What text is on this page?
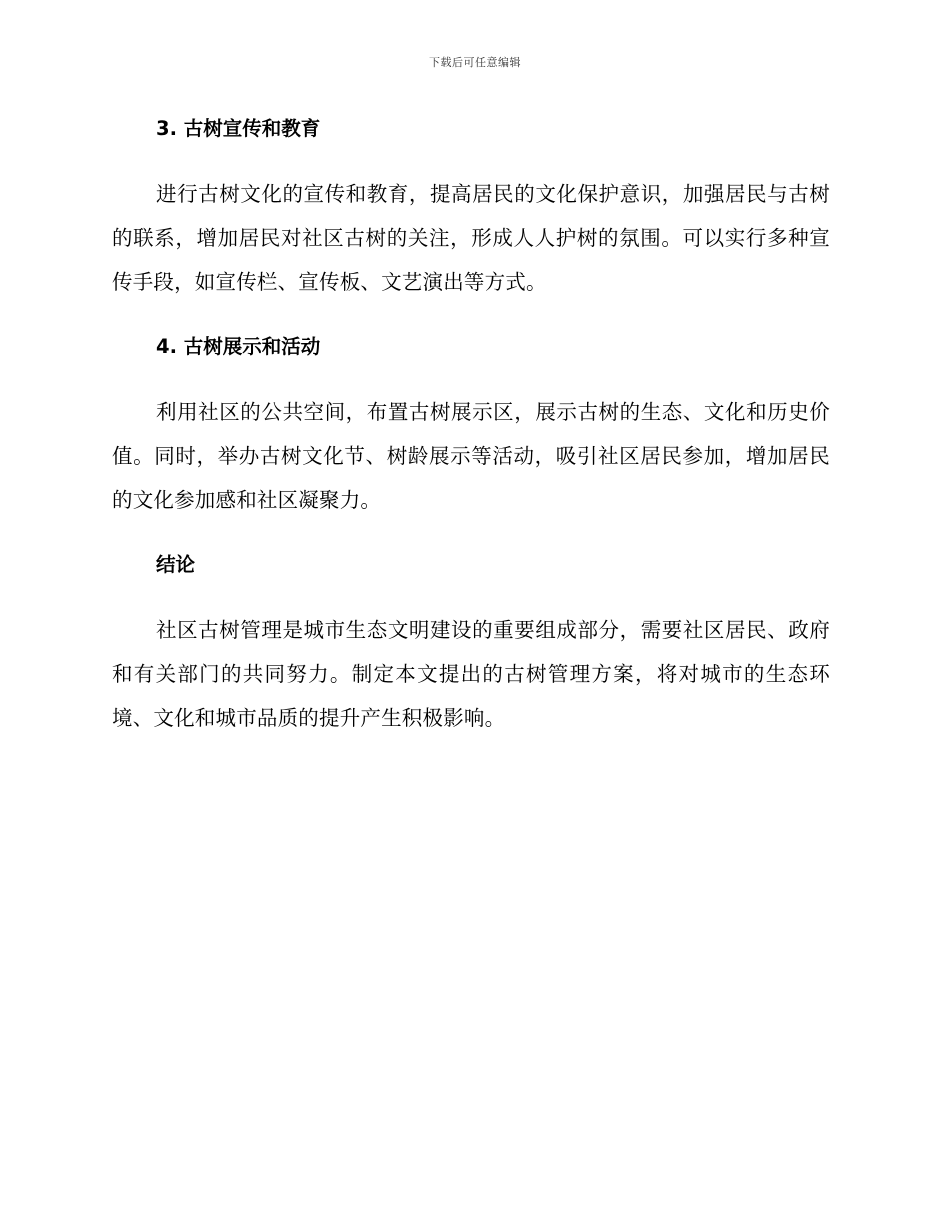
下载后可任意编辑
3. 古树宣传和教育

进行古树文化的宣传和教育，提高居民的文化保护意识，加强居民与古树的联系，增加居民对社区古树的关注，形成人人护树的氛围。可以实行多种宣传手段，如宣传栏、宣传板、文艺演出等方式。

4. 古树展示和活动

利用社区的公共空间，布置古树展示区，展示古树的生态、文化和历史价值。同时，举办古树文化节、树龄展示等活动，吸引社区居民参加，增加居民的文化参加感和社区凝聚力。

结论

社区古树管理是城市生态文明建设的重要组成部分，需要社区居民、政府和有关部门的共同努力。制定本文提出的古树管理方案，将对城市的生态环境、文化和城市品质的提升产生积极影响。
